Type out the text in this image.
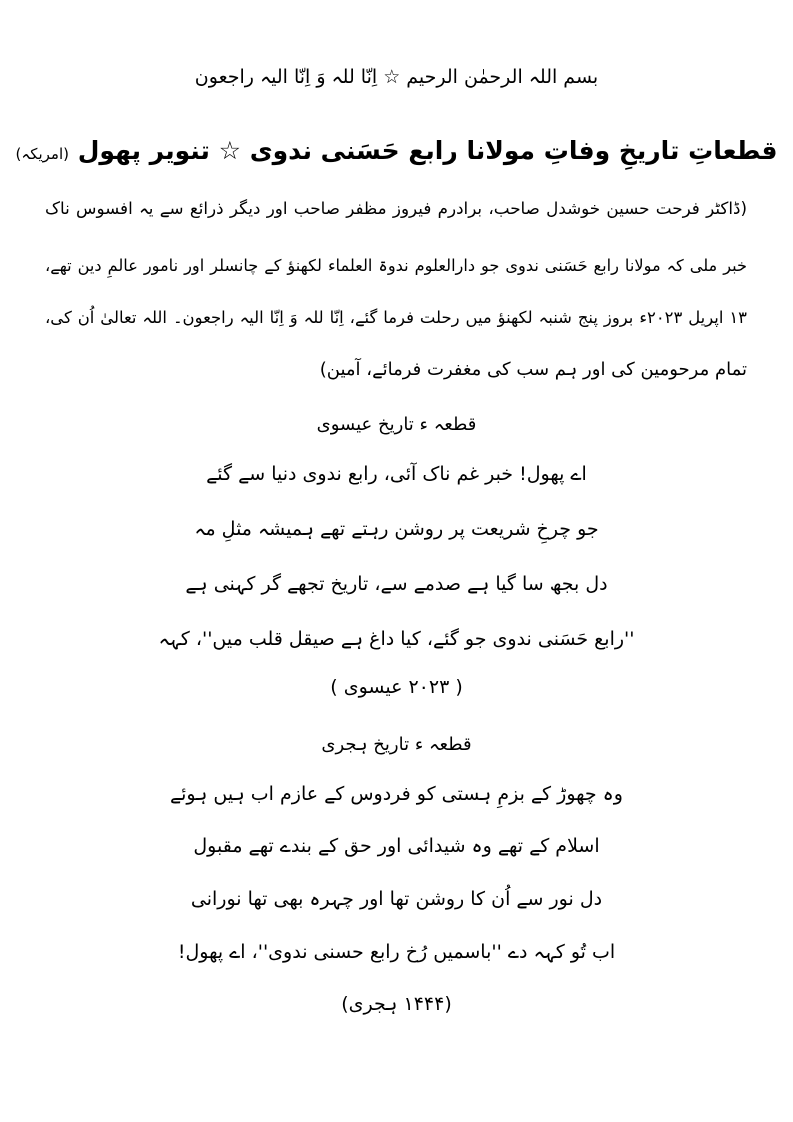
بسم اللہ الرحمٰن الرحیم ☆ اِنّا للہ وَ اِنّا الیہ راجعون
قطعاتِ تاریخِ وفاتِ مولانا رابع حَسَنی ندوی ☆ تنویر پھول (امریکہ)
(ڈاکٹر فرحت حسین خوشدل صاحب، برادرم فیروز مظفر صاحب اور دیگر ذرائع سے یہ افسوس ناک
خبر ملی کہ مولانا رابع حَسَنی ندوی جو دارالعلوم ندوۃ العلماء لکھنؤ کے چانسلر اور نامور عالمِ دین تھے،
۱۳ اپریل ۲۰۲۳ء بروز پنج شنبہ لکھنؤ میں رحلت فرما گئے، اِنّا للہ وَ اِنّا الیہ راجعون۔ اللہ تعالیٰ اُن کی،
تمام مرحومین کی اور ہم سب کی مغفرت فرمائے، آمین)
قطعہ ء تاریخ عیسوی
اے پھول! خبر غم ناک آئی، رابع ندوی دنیا سے گئے
جو چرخِ شریعت پر روشن رہتے تھے ہمیشہ مثلِ مہ
دل بجھ سا گیا ہے صدمے سے، تاریخ تجھے گر کہنی ہے
''رابع حَسَنی ندوی جو گئے، کیا داغ ہے صیقل قلب میں''، کہہ
( ۲۰۲۳ عیسوی )
قطعہ ء تاریخ ہجری
وہ چھوڑ کے بزمِ ہستی کو فردوس کے عازم اب ہیں ہوئے
اسلام کے تھے وہ شیدائی اور حق کے بندے تھے مقبول
دل نور سے اُن کا روشن تھا اور چہرہ بھی تھا نورانی
اب تُو کہہ دے ''باسمیں رُخ رابع حسنی ندوی''، اے پھول!
(۱۴۴۴ ہجری)
